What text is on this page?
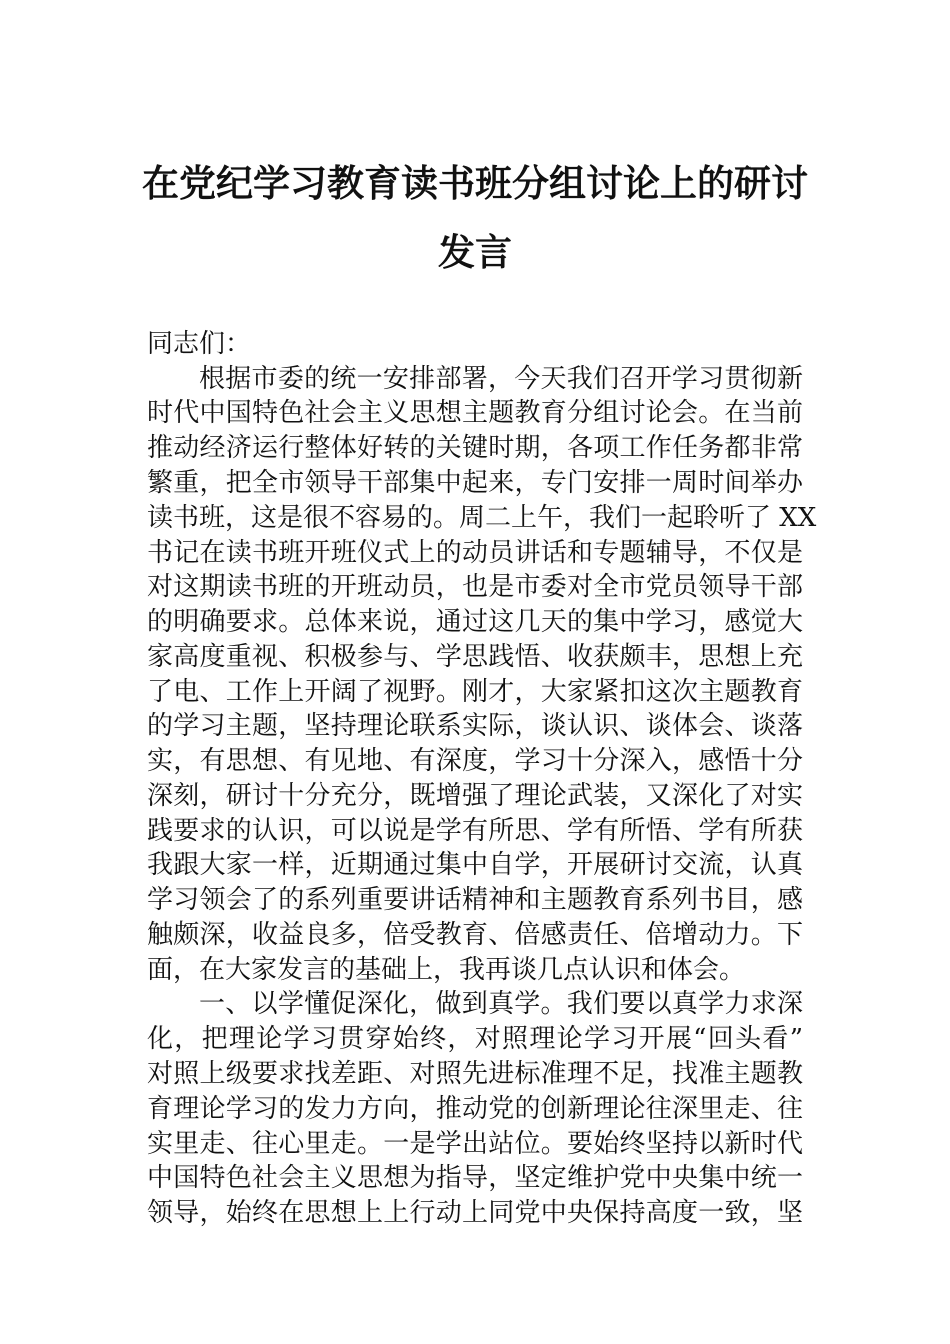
在党纪学习教育读书班分组讨论上的研讨
发言

同志们：

根据市委的统一安排部署，今天我们召开学习贯彻新

时代中国特色社会主义思想主题教育分组讨论会。在当前

推动经济运行整体好转的关键时期，各项工作任务都非常

繁重，把全市领导干部集中起来，专门安排一周时间举办

读书班，这是很不容易的。周二上午，我们一起聆听了 XX

书记在读书班开班仪式上的动员讲话和专题辅导，不仅是

对这期读书班的开班动员，也是市委对全市党员领导干部

的明确要求。总体来说，通过这几天的集中学习，感觉大

家高度重视、积极参与、学思践悟、收获颇丰，思想上充

了电、工作上开阔了视野。刚才，大家紧扣这次主题教育

的学习主题，坚持理论联系实际，谈认识、谈体会、谈落

实，有思想、有见地、有深度，学习十分深入，感悟十分

深刻，研讨十分充分，既增强了理论武装，又深化了对实

践要求的认识，可以说是学有所思、学有所悟、学有所获

我跟大家一样，近期通过集中自学，开展研讨交流，认真

学习领会了的系列重要讲话精神和主题教育系列书目，感

触颇深，收益良多，倍受教育、倍感责任、倍增动力。下

面，在大家发言的基础上，我再谈几点认识和体会。

一、以学懂促深化，做到真学。我们要以真学力求深

化，把理论学习贯穿始终，对照理论学习开展“回头看”

对照上级要求找差距、对照先进标准理不足，找准主题教

育理论学习的发力方向，推动党的创新理论往深里走、往

实里走、往心里走。一是学出站位。要始终坚持以新时代

中国特色社会主义思想为指导，坚定维护党中央集中统一

领导，始终在思想上上行动上同党中央保持高度一致，坚
